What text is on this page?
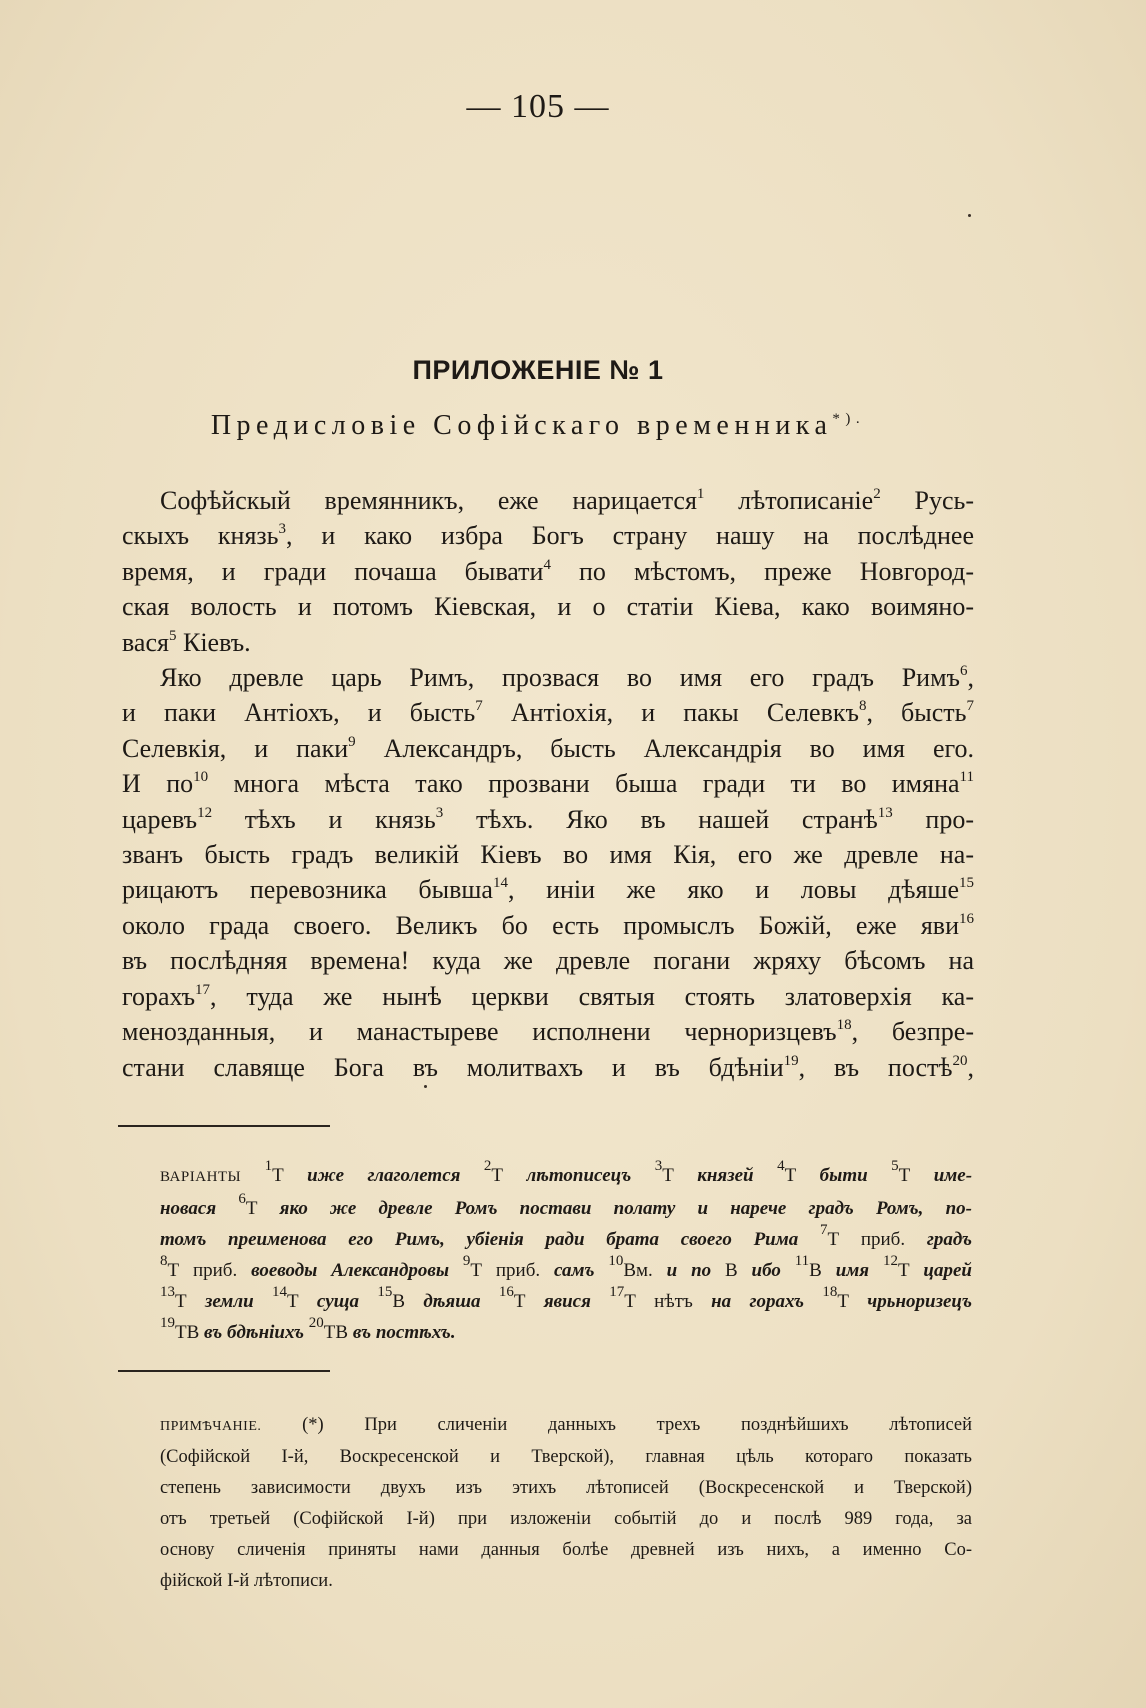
— 105 —
ПРИЛОЖЕНІЕ № 1
Предисловіе Софійскаго временника*).
Софѣйскый времянникъ, еже нарицается$^1$ лѣтописаніе$^2$ Русь-
скыхъ князь$^3$, и како избра Богъ страну нашу на послѣднее
время, и гради почаша бывати$^4$ по мѣстомъ, преже Новгород-
ская волость и потомъ Кіевская, и о статіи Кіева, како воимяно-
вася$^5$ Кіевъ.
Яко древле царь Римъ, прозвася во имя его градъ Римъ$^6$,
и паки Антіохъ, и бысть$^7$ Антіохія, и пакы Селевкъ$^8$, бысть$^7$
Селевкія, и паки$^9$ Александръ, бысть Александрія во имя его.
И $по^{10}$ многа мѣста тако прозвани быша гради ти во имяна$^{11}$
царевъ$^{12}$ тѣхъ и князь$^3$ тѣхъ. Яко въ нашей странѣ$^{13}$ про-
званъ бысть градъ великій Кіевъ во имя Кія, его же древле на-
рицаютъ перевозника бывша$^{14}$, иніи же яко и ловы дѣяше$^{15}$
около града своего. Великъ бо есть промыслъ Божій, еже яви$^{16}$
въ послѣдняя времена! куда же древле погани жряху бѣсомъ на
горахъ$^{17}$, туда же нынѣ церкви святыя стоять златоверхія ка-
менозданныя, и манастыреве исполнени черноризцевъ$^{18}$, безпре-
стани славяще Бога въ молитвахъ и въ бдѣніи$^{19}$, въ постѣ$^{20}$,
ВАРІАНТЫ $^1$Т иже глаголется $^2$Т лѣтописецъ $^3$Т князей $^4$Т быти $^5$Т име-
новася $^6$Т яко же древле Ромъ постави полату и нарече градъ Ромъ, по-
томъ преименова его Римъ, убіенія ради брата своего Рима $^7$Т приб. градъ
$^8$Т приб. воеводы Александровы $^9$Т приб. самъ $^{10}$Вм. и по В ибо $^{11}$В имя $^{12}$Т царей
$^{13}$Т земли $^{14}$Т суща $^{15}$В дѣяша $^{16}$Т явися $^{17}$Т нѣтъ на горахъ $^{18}$Т чрьноризецъ
$^{19}$ТВ въ бдѣніихъ $^{20}$ТВ въ постѣхъ.
ПРИМѢЧАНІЕ. (*) При сличеніи данныхъ трехъ позднѣйшихъ лѣтописей
(Софійской I-й, Воскресенской и Тверской), главная цѣль котораго показать
степень зависимости двухъ изъ этихъ лѣтописей (Воскресенской и Тверской)
отъ третьей (Софійской I-й) при изложеніи событій до и послѣ 989 года, за
основу сличенія приняты нами данныя болѣе древней изъ нихъ, а именно Со-
фійской I-й лѣтописи.
